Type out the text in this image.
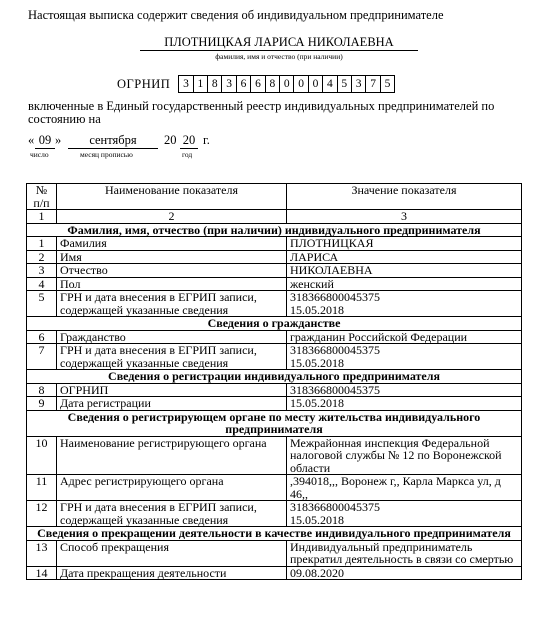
Настоящая выписка содержит сведения об индивидуальном предпринимателе
ПЛОТНИЦКАЯ ЛАРИСА НИКОЛАЕВНА
фамилия, имя и отчество (при наличии)
ОГРНИП	3 1 8 3 6 6 8 0 0 0 4 5 3 7 5
включенные в Единый государственный реестр индивидуальных предпринимателей по состоянию на
« 09 »	сентября	20 20 г.
число	месяц прописью	год
№ п/п	Наименование показателя	Значение показателя
1	2	3
Фамилия, имя, отчество (при наличии) индивидуального предпринимателя		
1	Фамилия	ПЛОТНИЦКАЯ

2	Имя	ЛАРИСА

3	Отчество	НИКОЛАЕВНА

4	Пол	женский

5	ГРН и дата внесения в ЕГРИП записи, содержащей указанные сведения	318366800045375
15.05.2018

Сведения о гражданстве		
6	Гражданство	гражданин Российской Федерации

7	ГРН и дата внесения в ЕГРИП записи, содержащей указанные сведения	318366800045375
15.05.2018

Сведения о регистрации индивидуального предпринимателя		
8	ОГРНИП	318366800045375

9	Дата регистрации	15.05.2018

Сведения о регистрирующем органе по месту жительства индивидуального предпринимателя		
10	Наименование регистрирующего органа	Межрайонная инспекция Федеральной налоговой службы № 12 по Воронежской области

11	Адрес регистрирующего органа	,394018,,, Воронеж г,, Карла Маркса ул, д 46,,

12	ГРН и дата внесения в ЕГРИП записи, содержащей указанные сведения	318366800045375
15.05.2018

Сведения о прекращении деятельности в качестве индивидуального предпринимателя		
13	Способ прекращения	Индивидуальный предприниматель прекратил деятельность в связи со смертью

14	Дата прекращения деятельности	09.08.2020
